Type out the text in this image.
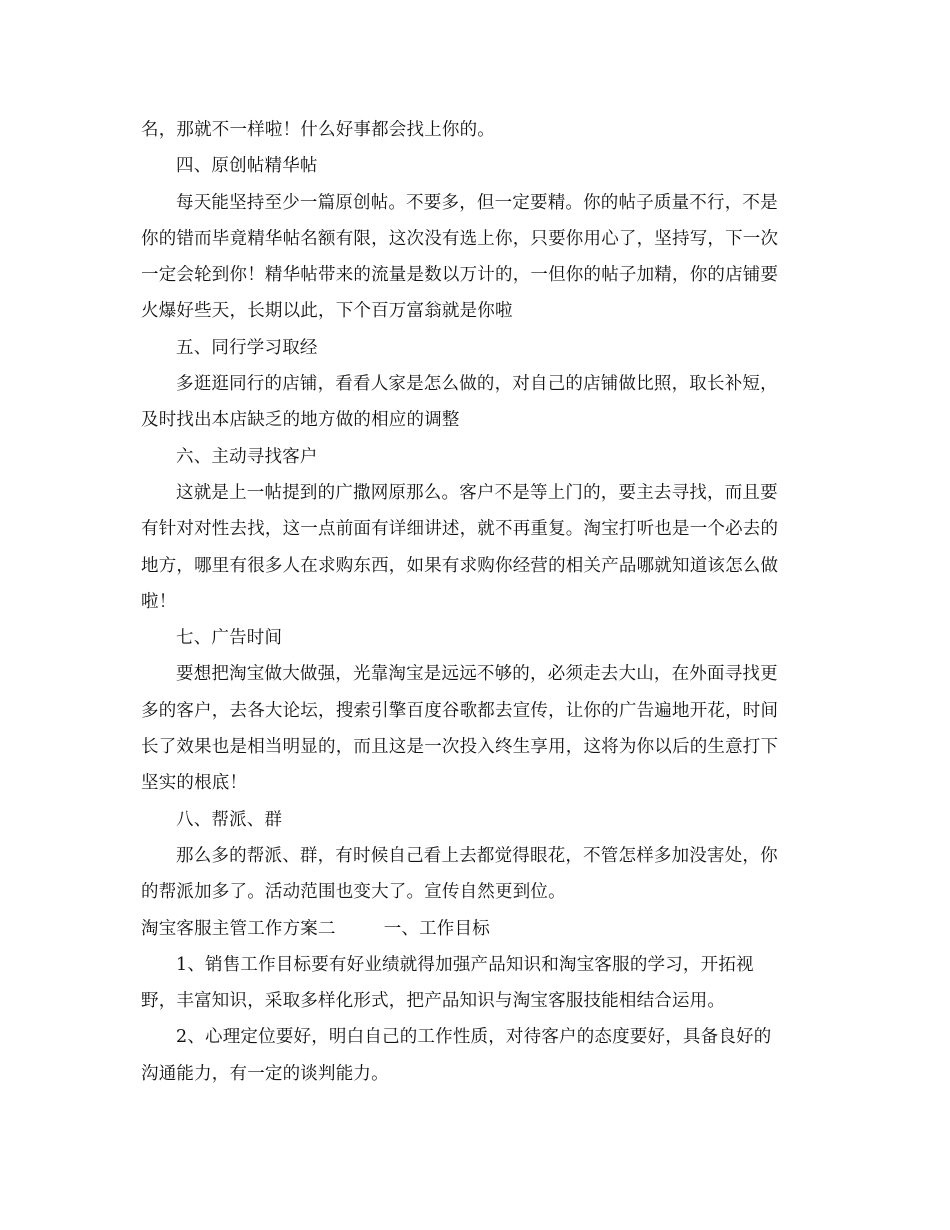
名，那就不一样啦！什么好事都会找上你的。
四、原创帖精华帖
每天能坚持至少一篇原创帖。不要多，但一定要精。你的帖子质量不行，不是
你的错而毕竟精华帖名额有限，这次没有选上你，只要你用心了，坚持写，下一次
一定会轮到你！精华帖带来的流量是数以万计的，一但你的帖子加精，你的店铺要
火爆好些天，长期以此，下个百万富翁就是你啦
五、同行学习取经
多逛逛同行的店铺，看看人家是怎么做的，对自己的店铺做比照，取长补短，
及时找出本店缺乏的地方做的相应的调整
六、主动寻找客户
这就是上一帖提到的广撒网原那么。客户不是等上门的，要主去寻找，而且要
有针对对性去找，这一点前面有详细讲述，就不再重复。淘宝打听也是一个必去的
地方，哪里有很多人在求购东西，如果有求购你经营的相关产品哪就知道该怎么做
啦！
七、广告时间
要想把淘宝做大做强，光靠淘宝是远远不够的，必须走去大山，在外面寻找更
多的客户，去各大论坛，搜索引擎百度谷歌都去宣传，让你的广告遍地开花，时间
长了效果也是相当明显的，而且这是一次投入终生享用，这将为你以后的生意打下
坚实的根底！
八、帮派、群
那么多的帮派、群，有时候自己看上去都觉得眼花，不管怎样多加没害处，你
的帮派加多了。活动范围也变大了。宣传自然更到位。
淘宝客服主管工作方案二	一、工作目标
1、销售工作目标要有好业绩就得加强产品知识和淘宝客服的学习，开拓视
野，丰富知识，采取多样化形式，把产品知识与淘宝客服技能相结合运用。
2、心理定位要好，明白自己的工作性质，对待客户的态度要好，具备良好的
沟通能力，有一定的谈判能力。
